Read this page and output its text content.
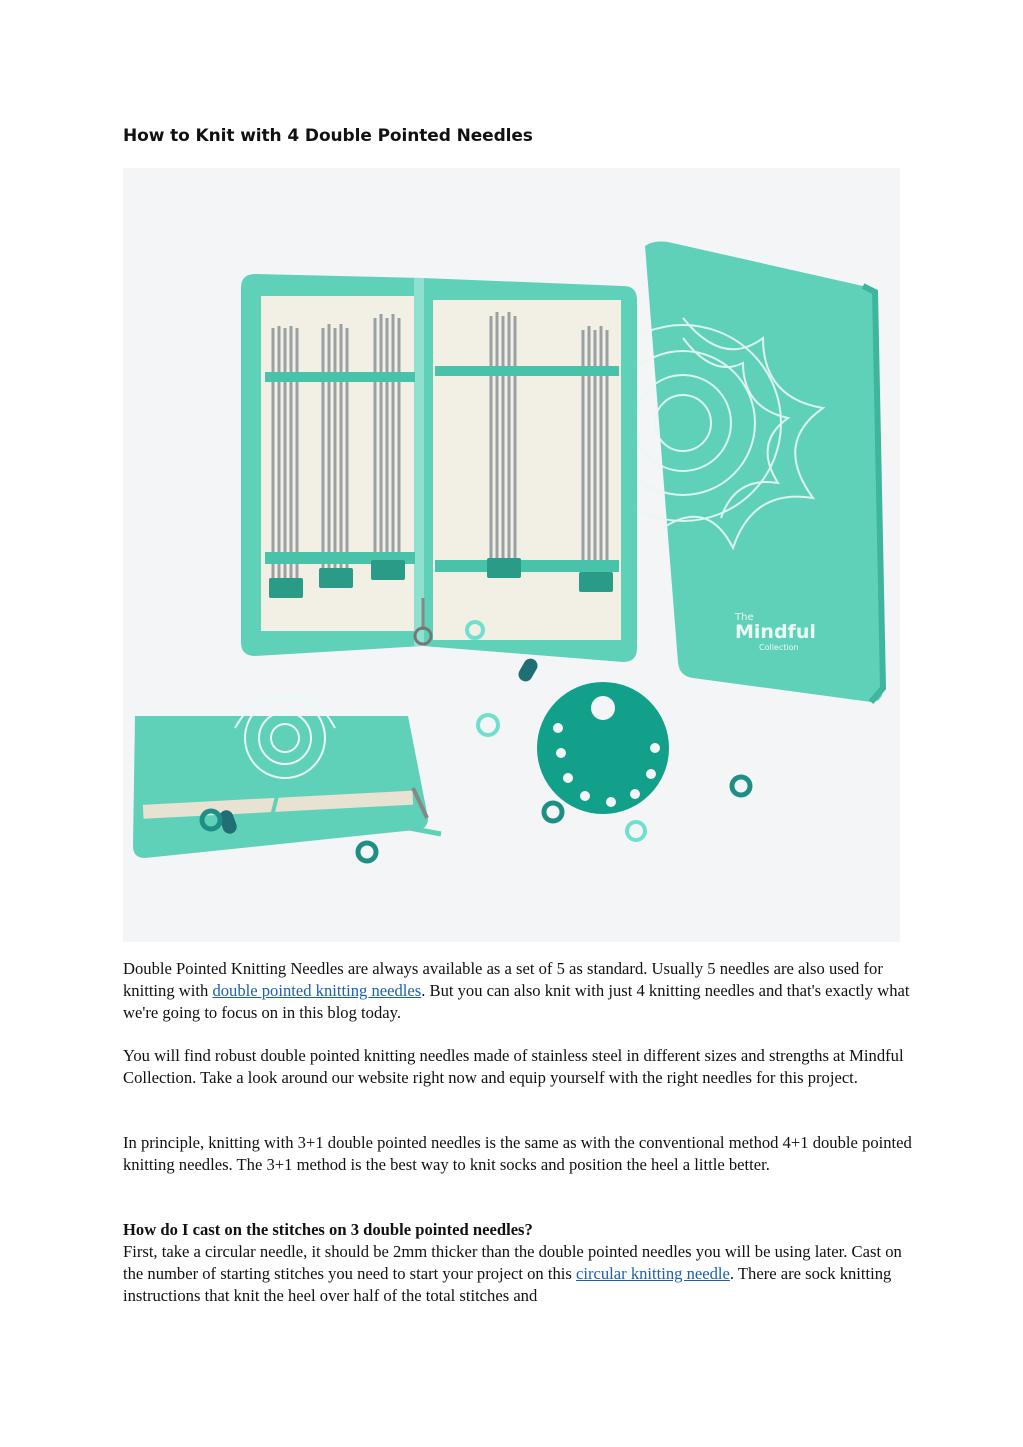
How to Knit with 4 Double Pointed Needles
The
Mindful
Collection

Double Pointed Knitting Needles are always available as a set of 5 as standard. Usually 5 needles are also used for knitting with double pointed knitting needles. But you can also knit with just 4 knitting needles and that's exactly what we're going to focus on in this blog today.

You will find robust double pointed knitting needles made of stainless steel in different sizes and strengths at Mindful Collection. Take a look around our website right now and equip yourself with the right needles for this project.

In principle, knitting with 3+1 double pointed needles is the same as with the conventional method 4+1 double pointed knitting needles. The 3+1 method is the best way to knit socks and position the heel a little better.

How do I cast on the stitches on 3 double pointed needles?
First, take a circular needle, it should be 2mm thicker than the double pointed needles you will be using later. Cast on the number of starting stitches you need to start your project on this circular knitting needle. There are sock knitting instructions that knit the heel over half of the total stitches and
